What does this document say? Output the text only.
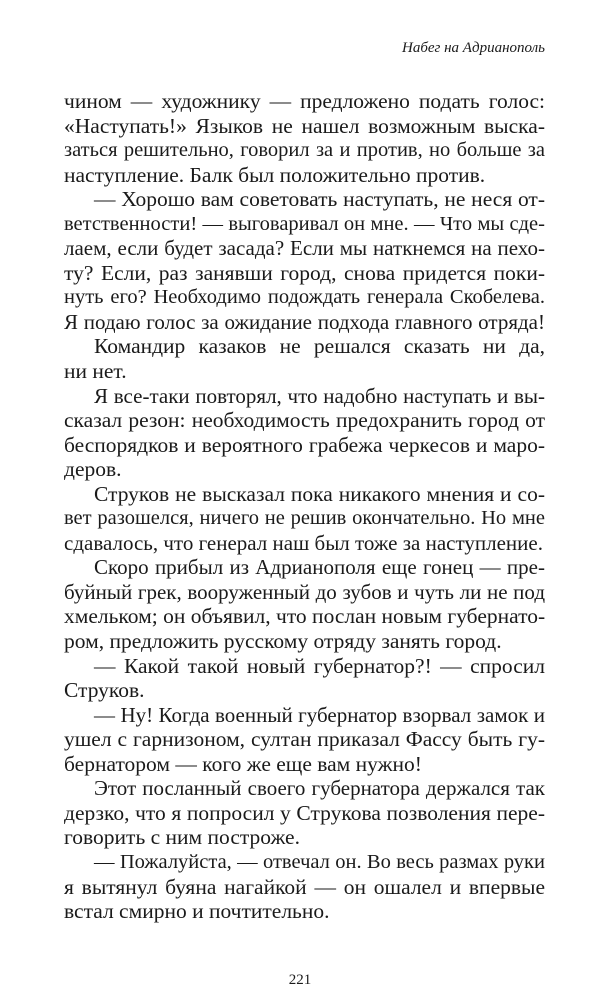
Набег на Адрианополь
чином — художнику — предложено подать голос:
«Наступать!» Языков не нашел возможным выска-
заться решительно, говорил за и против, но больше за
наступление. Балк был положительно против.
— Хорошо вам советовать наступать, не неся от-
ветственности! — выговаривал он мне. — Что мы сде-
лаем, если будет засада? Если мы наткнемся на пехо-
ту? Если, раз занявши город, снова придется поки-
нуть его? Необходимо подождать генерала Скобелева.
Я подаю голос за ожидание подхода главного отряда!
Командир казаков не решался сказать ни да,
ни нет.
Я все-таки повторял, что надобно наступать и вы-
сказал резон: необходимость предохранить город от
беспорядков и вероятного грабежа черкесов и маро-
деров.
Струков не высказал пока никакого мнения и со-
вет разошелся, ничего не решив окончательно. Но мне
сдавалось, что генерал наш был тоже за наступление.
Скоро прибыл из Адрианополя еще гонец — пре-
буйный грек, вооруженный до зубов и чуть ли не под
хмельком; он объявил, что послан новым губернато-
ром, предложить русскому отряду занять город.
— Какой такой новый губернатор?! — спросил
Струков.
— Ну! Когда военный губернатор взорвал замок и
ушел с гарнизоном, султан приказал Фассу быть гу-
бернатором — кого же еще вам нужно!
Этот посланный своего губернатора держался так
дерзко, что я попросил у Струкова позволения пере-
говорить с ним построже.
— Пожалуйста, — отвечал он. Во весь размах руки
я вытянул буяна нагайкой — он ошалел и впервые
встал смирно и почтительно.
221
